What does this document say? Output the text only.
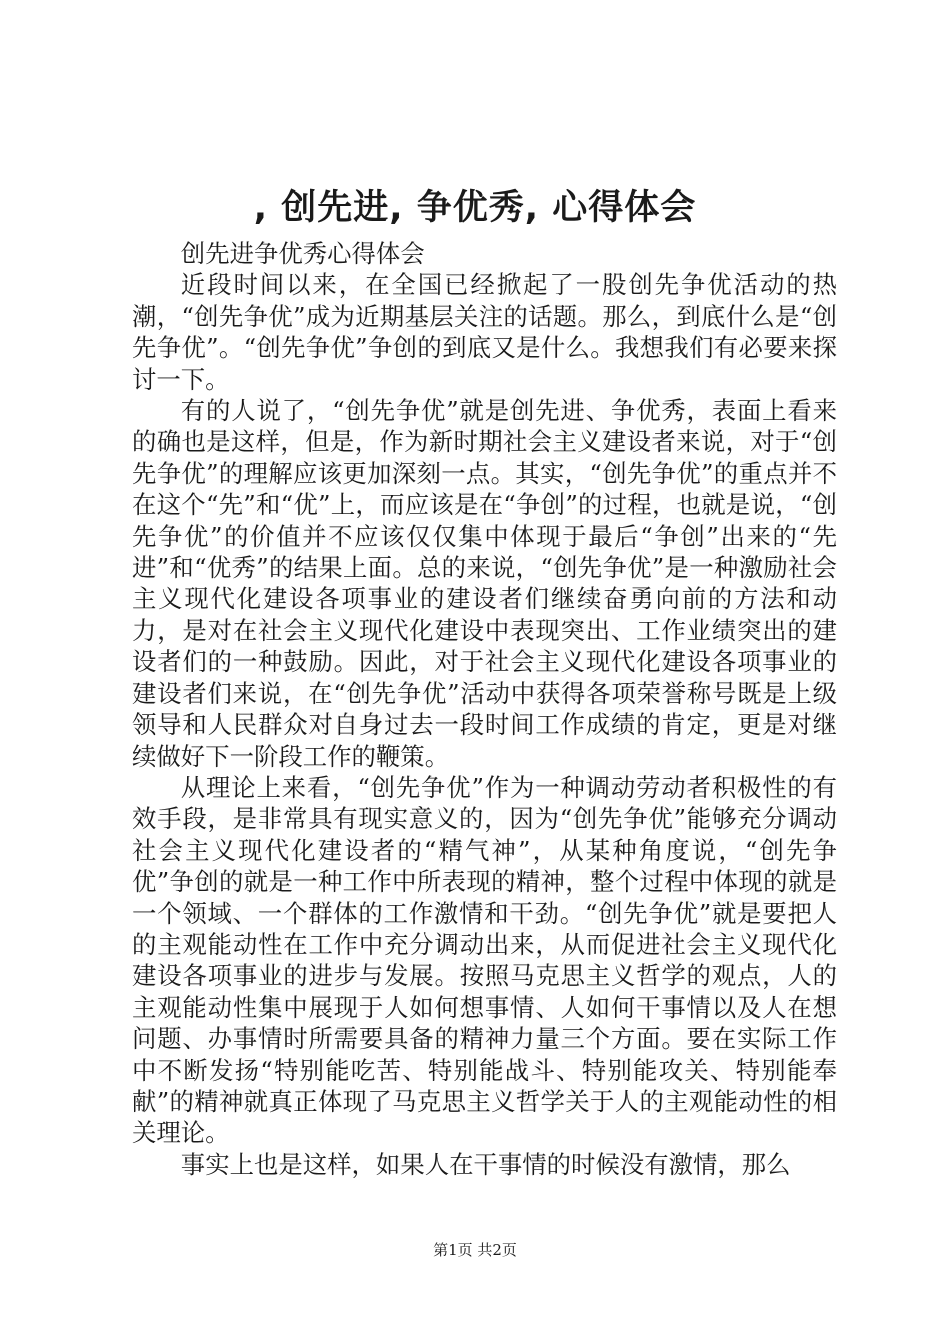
, 创先进, 争优秀, 心得体会

创先进争优秀心得体会

近段时间以来，在全国已经掀起了一股创先争优活动的热潮，“创先争优”成为近期基层关注的话题。那么，到底什么是“创先争优”。“创先争优”争创的到底又是什么。我想我们有必要来探讨一下。

有的人说了，“创先争优”就是创先进、争优秀，表面上看来的确也是这样，但是，作为新时期社会主义建设者来说，对于“创先争优”的理解应该更加深刻一点。其实，“创先争优”的重点并不在这个“先”和“优”上，而应该是在“争创”的过程，也就是说，“创先争优”的价值并不应该仅仅集中体现于最后“争创”出来的“先进”和“优秀”的结果上面。总的来说，“创先争优”是一种激励社会主义现代化建设各项事业的建设者们继续奋勇向前的方法和动力，是对在社会主义现代化建设中表现突出、工作业绩突出的建设者们的一种鼓励。因此，对于社会主义现代化建设各项事业的建设者们来说，在“创先争优”活动中获得各项荣誉称号既是上级领导和人民群众对自身过去一段时间工作成绩的肯定，更是对继续做好下一阶段工作的鞭策。

从理论上来看，“创先争优”作为一种调动劳动者积极性的有效手段，是非常具有现实意义的，因为“创先争优”能够充分调动社会主义现代化建设者的“精气神”，从某种角度说，“创先争优”争创的就是一种工作中所表现的精神，整个过程中体现的就是一个领域、一个群体的工作激情和干劲。“创先争优”就是要把人的主观能动性在工作中充分调动出来，从而促进社会主义现代化建设各项事业的进步与发展。按照马克思主义哲学的观点，人的主观能动性集中展现于人如何想事情、人如何干事情以及人在想问题、办事情时所需要具备的精神力量三个方面。要在实际工作中不断发扬“特别能吃苦、特别能战斗、特别能攻关、特别能奉献”的精神就真正体现了马克思主义哲学关于人的主观能动性的相关理论。

事实上也是这样，如果人在干事情的时候没有激情，那么

第1页 共2页
